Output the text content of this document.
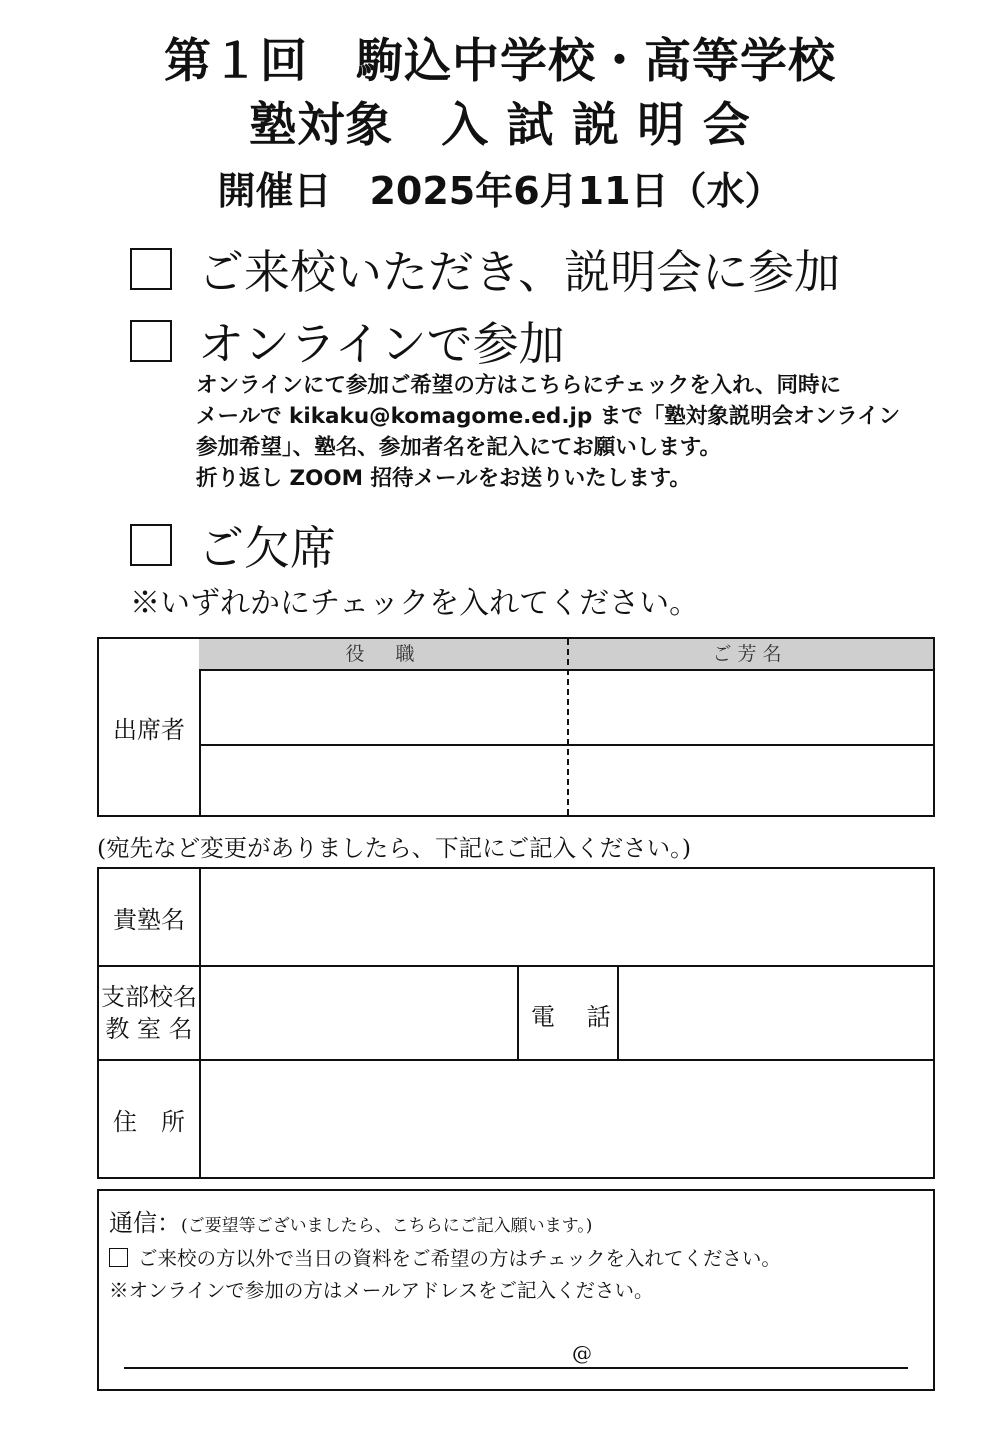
第１回　駒込中学校・高等学校
塾対象　入 試 説 明 会
開催日　2025年6月11日（水）
ご来校いただき、説明会に参加
オンラインで参加
オンラインにて参加ご希望の方はこちらにチェックを入れ、同時に
メールで kikaku@komagome.ed.jp まで「塾対象説明会オンライン
参加希望」、塾名、参加者名を記入にてお願いします。
折り返し ZOOM 招待メールをお送りいたします。
ご欠席
※いずれかにチェックを入れてください。
出席者
役　職	ご芳名
(宛先など変更がありましたら、下記にご記入ください。)
貴塾名
支部校名
教 室 名	電 話
住　所
通信：(ご要望等ございましたら、こちらにご記入願います。)
ご来校の方以外で当日の資料をご希望の方はチェックを入れてください。
※オンラインで参加の方はメールアドレスをご記入ください。
@
